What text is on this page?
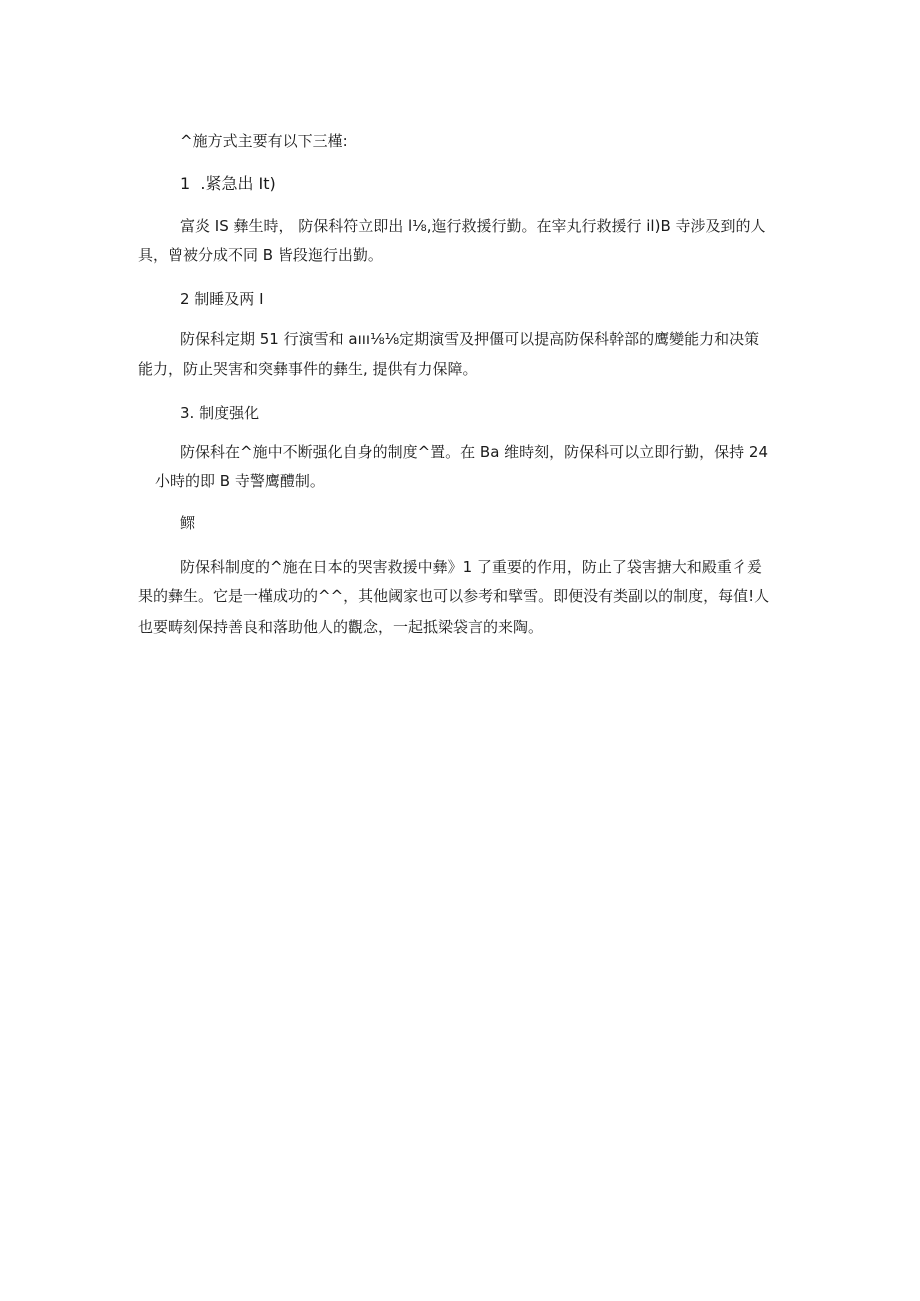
^施方式主要有以下三槿:
1  .紧急出 It)
富炎 IS 彝生時， 防保科符立即出 l⅛,迤行救援行勤。在宰丸行救援行 il)B 寺涉及到的人
具，曾被分成不同 B 皆段迤行出勤。
2 制睡及两 I
防保科定期 51 行演雪和 aııı⅛⅛定期演雪及押僵可以提高防保科幹部的鹰變能力和决策
能力，防止哭害和突彝事件的彝生, 提供有力保障。
3. 制度强化
防保科在^施中不断强化自身的制度^置。在 Ba 维時刻，防保科可以立即行勤，保持 24
小時的即 B 寺警鹰醴制。
鳏
防保科制度的^施在日本的哭害救援中彝》1 了重要的作用，防止了袋害搪大和殿重彳爰
果的彝生。它是一槿成功的^^，其他阈家也可以参考和擘雪。即便没有类副以的制度，每值!人
也要畴刻保持善良和落助他人的觀念，一起抵梁袋言的来陶。
